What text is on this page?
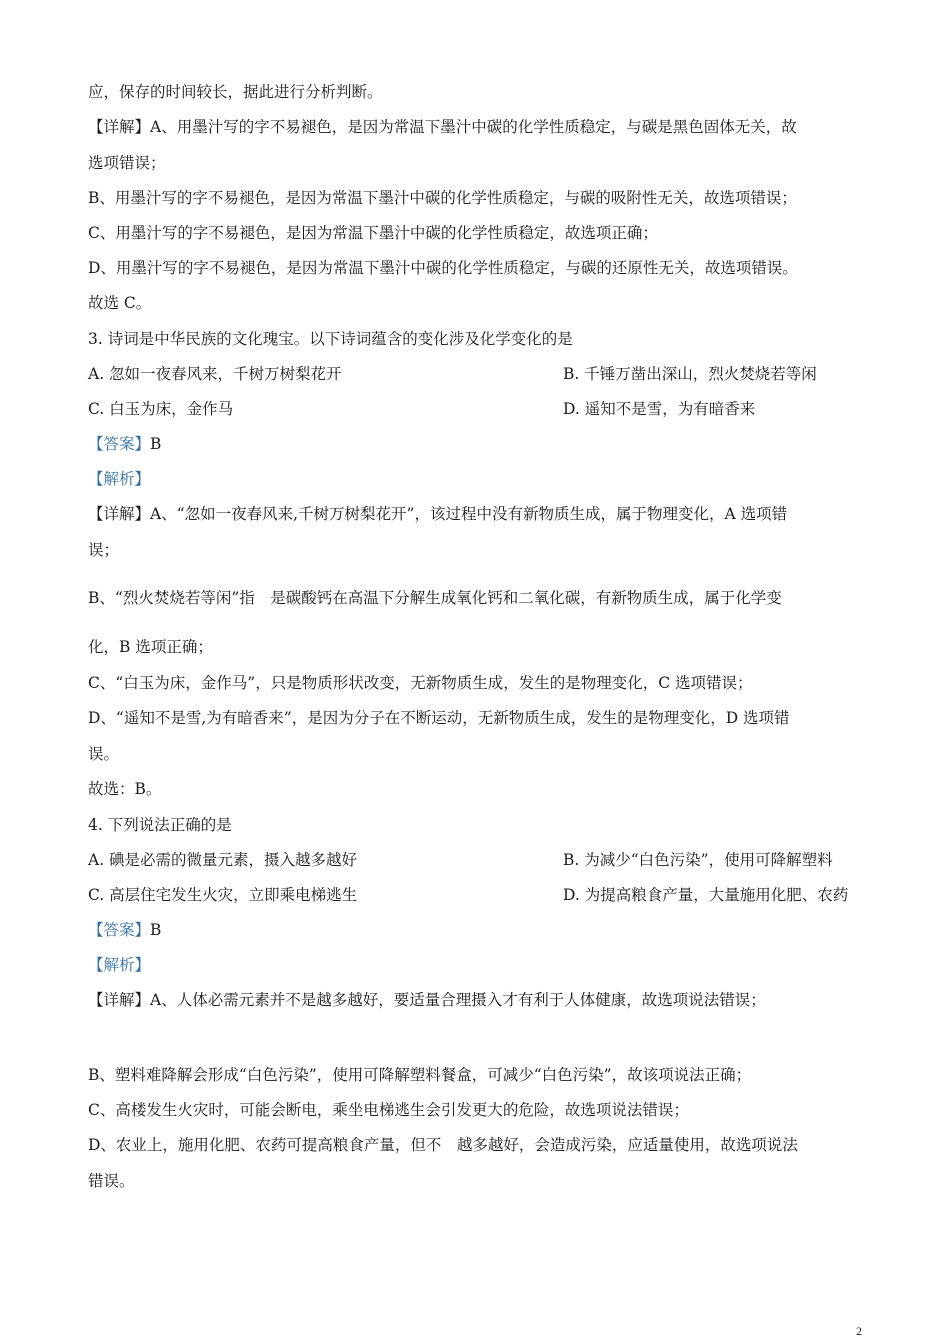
应，保存的时间较长，据此进行分析判断。
【详解】A、用墨汁写的字不易褪色，是因为常温下墨汁中碳的化学性质稳定，与碳是黑色固体无关，故
选项错误；
B、用墨汁写的字不易褪色，是因为常温下墨汁中碳的化学性质稳定，与碳的吸附性无关，故选项错误；
C、用墨汁写的字不易褪色，是因为常温下墨汁中碳的化学性质稳定，故选项正确；
D、用墨汁写的字不易褪色，是因为常温下墨汁中碳的化学性质稳定，与碳的还原性无关，故选项错误。
故选 C。
3. 诗词是中华民族的文化瑰宝。以下诗词蕴含的变化涉及化学变化的是
A. 忽如一夜春风来，千树万树梨花开	B. 千锤万凿出深山，烈火焚烧若等闲
C. 白玉为床，金作马	D. 遥知不是雪，为有暗香来
【答案】B
【解析】
【详解】A、“忽如一夜春风来,千树万树梨花开”，该过程中没有新物质生成，属于物理变化，A 选项错
误；
B、“烈火焚烧若等闲”指　是碳酸钙在高温下分解生成氧化钙和二氧化碳，有新物质生成，属于化学变
化，B 选项正确；
C、“白玉为床，金作马”，只是物质形状改变，无新物质生成，发生的是物理变化，C 选项错误；
D、“遥知不是雪,为有暗香来”，是因为分子在不断运动，无新物质生成，发生的是物理变化，D 选项错
误。
故选：B。
4. 下列说法正确的是
A. 碘是必需的微量元素，摄入越多越好	B. 为减少“白色污染”，使用可降解塑料
C. 高层住宅发生火灾，立即乘电梯逃生	D. 为提高粮食产量，大量施用化肥、农药
【答案】B
【解析】
【详解】A、人体必需元素并不是越多越好，要适量合理摄入才有利于人体健康，故选项说法错误；
B、塑料难降解会形成“白色污染”，使用可降解塑料餐盒，可减少“白色污染”，故该项说法正确；
C、高楼发生火灾时，可能会断电，乘坐电梯逃生会引发更大的危险，故选项说法错误；
D、农业上，施用化肥、农药可提高粮食产量，但不　越多越好，会造成污染，应适量使用，故选项说法
错误。
2
